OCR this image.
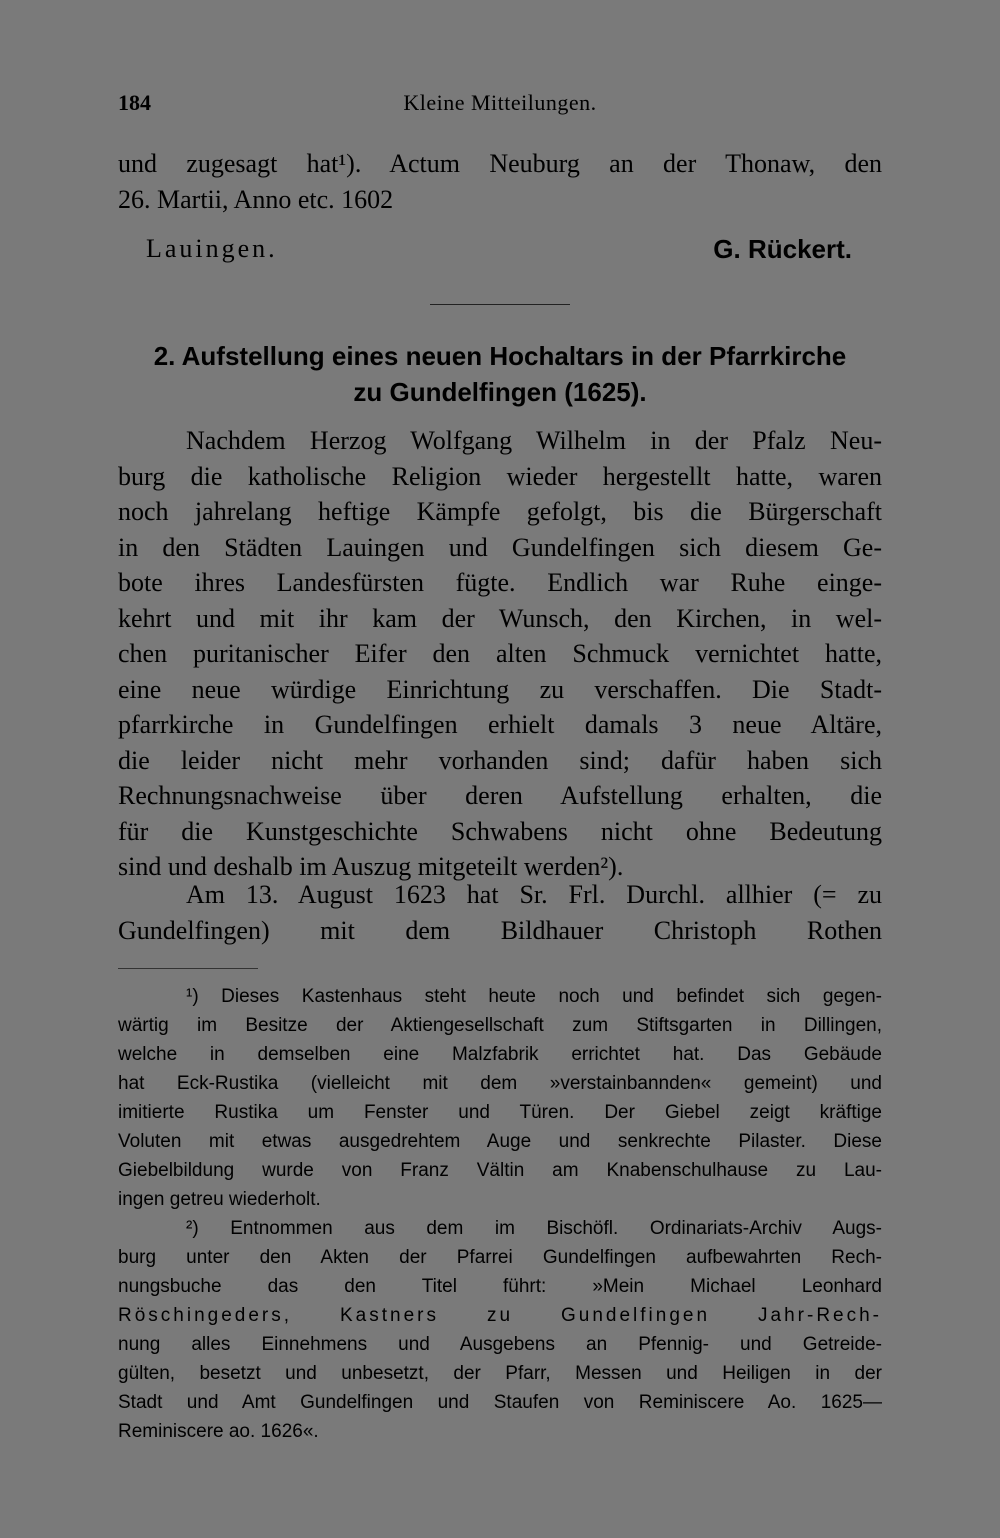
184	Kleine Mitteilungen.
und zugesagt hat¹). Actum Neuburg an der Thonaw, den
26. Martii, Anno etc. 1602
Lauingen.	G. Rückert.
2. Aufstellung eines neuen Hochaltars in der Pfarrkirche
zu Gundelfingen (1625).
Nachdem Herzog Wolfgang Wilhelm in der Pfalz Neu-
burg die katholische Religion wieder hergestellt hatte, waren
noch jahrelang heftige Kämpfe gefolgt, bis die Bürgerschaft
in den Städten Lauingen und Gundelfingen sich diesem Ge-
bote ihres Landesfürsten fügte. Endlich war Ruhe einge-
kehrt und mit ihr kam der Wunsch, den Kirchen, in wel-
chen puritanischer Eifer den alten Schmuck vernichtet hatte,
eine neue würdige Einrichtung zu verschaffen. Die Stadt-
pfarrkirche in Gundelfingen erhielt damals 3 neue Altäre,
die leider nicht mehr vorhanden sind; dafür haben sich
Rechnungsnachweise über deren Aufstellung erhalten, die
für die Kunstgeschichte Schwabens nicht ohne Bedeutung
sind und deshalb im Auszug mitgeteilt werden²).
Am 13. August 1623 hat Sr. Frl. Durchl. allhier (= zu
Gundelfingen) mit dem Bildhauer Christoph Rothen
¹) Dieses Kastenhaus steht heute noch und befindet sich gegen-
wärtig im Besitze der Aktiengesellschaft zum Stiftsgarten in Dillingen,
welche in demselben eine Malzfabrik errichtet hat. Das Gebäude
hat Eck-Rustika (vielleicht mit dem »verstainbannden« gemeint) und
imitierte Rustika um Fenster und Türen. Der Giebel zeigt kräftige
Voluten mit etwas ausgedrehtem Auge und senkrechte Pilaster. Diese
Giebelbildung wurde von Franz Vältin am Knabenschulhause zu Lau-
ingen getreu wiederholt.
²) Entnommen aus dem im Bischöfl. Ordinariats-Archiv Augs-
burg unter den Akten der Pfarrei Gundelfingen aufbewahrten Rech-
nungsbuche das den Titel führt: »Mein Michael Leonhard
Röschingeders, Kastners zu Gundelfingen Jahr-Rech-
nung alles Einnehmens und Ausgebens an Pfennig- und Getreide-
gülten, besetzt und unbesetzt, der Pfarr, Messen und Heiligen in der
Stadt und Amt Gundelfingen und Staufen von Reminiscere Ao. 1625—
Reminiscere ao. 1626«.
